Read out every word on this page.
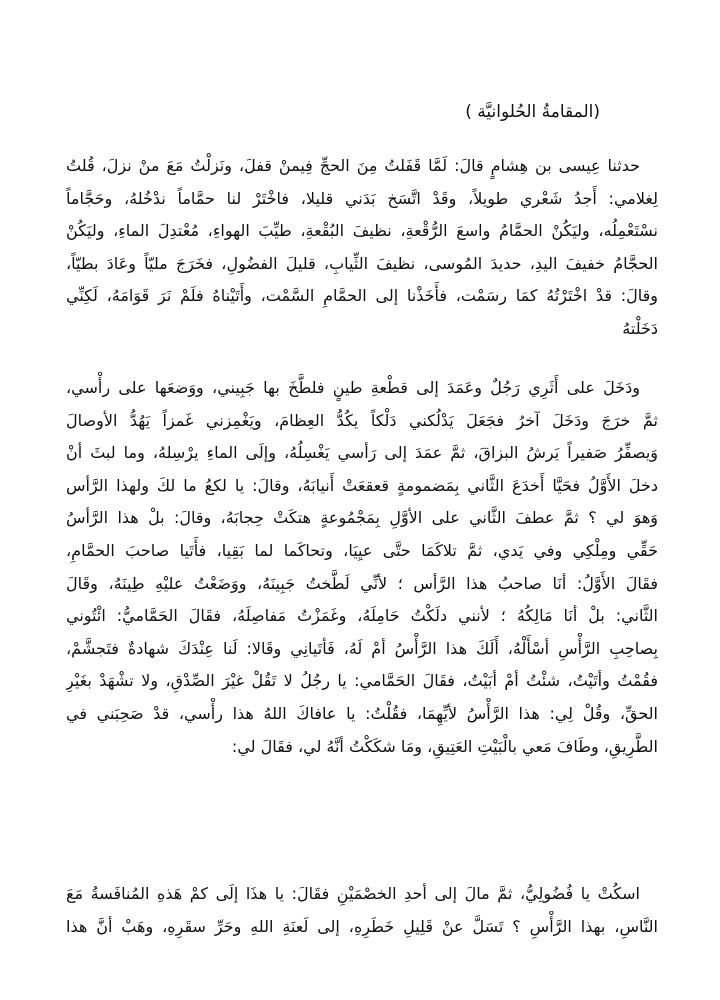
(المقامةُ الحُلوانيَّة )
حدثنا عِيسى بن هِشامٍ قالَ: لَمَّا قَفَلتُ مِنَ الحجِّ فِيمنْ قفلَ، ونَزلْتُ مَعَ منْ نزلَ، قُلتُ
لِغلامي: أَجدُ شَعْري طويلاً، وقَدْ اتَّسَخ بَدَني قليلا، فاخْتَرْ لنا حمَّاماً ندْخُلهُ، وحَجَّاماً
نسْتَعْمِلُه، وليَكُنْ الحمَّامُ واسعَ الرُّقْعةِ، نظيفَ البُقْعةِ، طيِّبَ الهواءِ، مُعْتدِلَ الماءِ، وليَكُنْ
الحجَّامُ خفيفَ اليدِ، حديدَ المُوسى، نظيفَ الثِّيابِ، قليلَ الفضُولِ، فخَرَجَ مليّاً وعَادَ بطيّاً،
وقالَ: قدْ اخْتَرْتُهُ كمَا رسَمْت، فأَخَذْنا إلى الحمَّامِ السَّمْت، وأَتَيْناهُ فلَمْ نَرَ قَوَامَهُ، لَكِنِّي
دَخَلْتهُ
ودَخَلَ على أَثَرِي رَجُلٌ وعَمَدَ إلى قطْعةِ طينٍ فلطَّخَ بها جَبِيني، ووَضعَها على رأْسي،
ثمَّ خرَجَ ودَخَلَ آخرُ فجَعَلَ يَدْلُكني دَلْكاً يكُدُّ العِظامَ، ويَغْمِزني غَمزاً يَهُدُّ الأوصالَ
وَيصفِّرُ صَفيراً يَرشُ البزاقَ، ثمَّ عمَدَ إلى رَأسي يَغْسِلُهُ، وإلَى الماءِ يرْسِلهُ، وما لبثَ أنْ
دخلَ الأَوَّلُ فحَيَّا أَخدَعَ الثَّاني بِمَضمومةٍ قعقعَتْ أَنيابَهُ، وقالَ: يا لكعُ ما لكَ ولهذا الرَّأس
وَهوَ لي ؟ ثمَّ عطفَ الثَّاني على الأوَّلِ بِمَجْمُوعةٍ هتكَتْ حِجابَهُ، وقالَ: بلْ هذا الرَّأسُ
حَقِّي ومِلْكِي وفي يَدي، ثمَّ تلاكَمَا حتَّى عيِيَا، وتحاكَما لما بَقِيا، فأَتَيا صاحبَ الحمَّامِ،
فقَالَ الأَوَّلُ: أنَا صاحبُ هذا الرَّأس ؛ لأنِّي لَطَّختُ جَبِينَهُ، ووَضَعْتُ عليْهِ طِينَهُ، وقَالَ
الثَّاني: بلْ أنَا مَالِكُهُ ؛ لأنني دلَكْتُ حَامِلَهُ، وغَمَزْتُ مَفاصِلَهُ، فقَالَ الحَمَّاميُّ: ائْتُوني
بِصاحِبِ الرَّأْسِ أسْأَلْهُ، أَلَكَ هذا الرَّأْسُ أمْ لَهُ، فَأتَيانِي وقَالا: لَنا عِنْدَكَ شهادةٌ فتَجشَّمْ،
فقُمْتُ وأتَيْتُ، شئْتُ أمْ أبَيْتُ، فقَالَ الحَمَّامي: يا رجُلُ لا تَقُلْ غيْرَ الصِّدْقِ، ولا تشْهَدْ بغَيْرِ
الحقِّ، وقُلْ لِي: هذا الرَّأْسُ لأيِّهِمَا، فقُلْتُ: يا عافاكَ اللهُ هذا رأْسي، قدْ صَحِبَني في
الطَّرِيقِ، وطَافَ مَعي بالْبَيْتِ العَتِيقِ، ومَا شكَكْتُ أنَّهُ لي، فقَالَ لي:
اسكُتْ يا فُضُولِيُّ، ثمَّ مالَ إلى أحدِ الخصْمَيْنِ فقَالَ: يا هذَا إلَى كمْ هَذهِ المُنافَسةُ مَعَ
النَّاسِ، بهذا الرَّأْسِ ؟ تَسَلَّ عنْ قَلِيلِ خَطَرِهِ، إلى لَعنَةِ اللهِ وحَرِّ سقَرِهِ، وهَبْ أنَّ هذا
